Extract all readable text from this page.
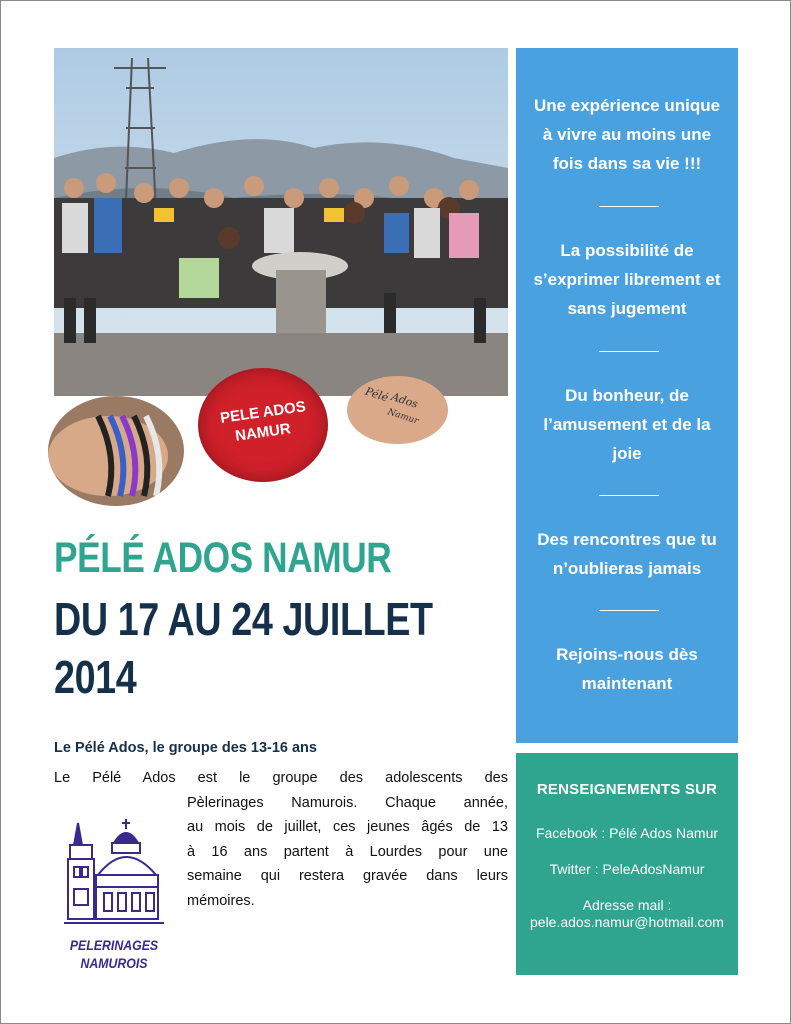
PELE ADOS
NAMUR
Pélé Ados
Namur
PÉLÉ ADOS NAMUR
DU 17 AU 24 JUILLET
2014
Le Pélé Ados, le groupe des 13-16 ans
Le Pélé Ados est le groupe des adolescents des
Pèlerinages Namurois. Chaque année,
au mois de juillet, ces jeunes âgés de 13
à 16 ans partent à Lourdes pour une
semaine qui restera gravée dans leurs
mémoires.
PELERINAGES
NAMUROIS
Une expérience unique
à vivre au moins une
fois dans sa vie !!!
La possibilité de
s’exprimer librement et
sans jugement
Du bonheur, de
l’amusement et de la
joie
Des rencontres que tu
n’oublieras jamais
Rejoins-nous dès
maintenant
RENSEIGNEMENTS SUR
Facebook : Pélé Ados Namur
Twitter : PeleAdosNamur
Adresse mail :
pele.ados.namur@hotmail.com
